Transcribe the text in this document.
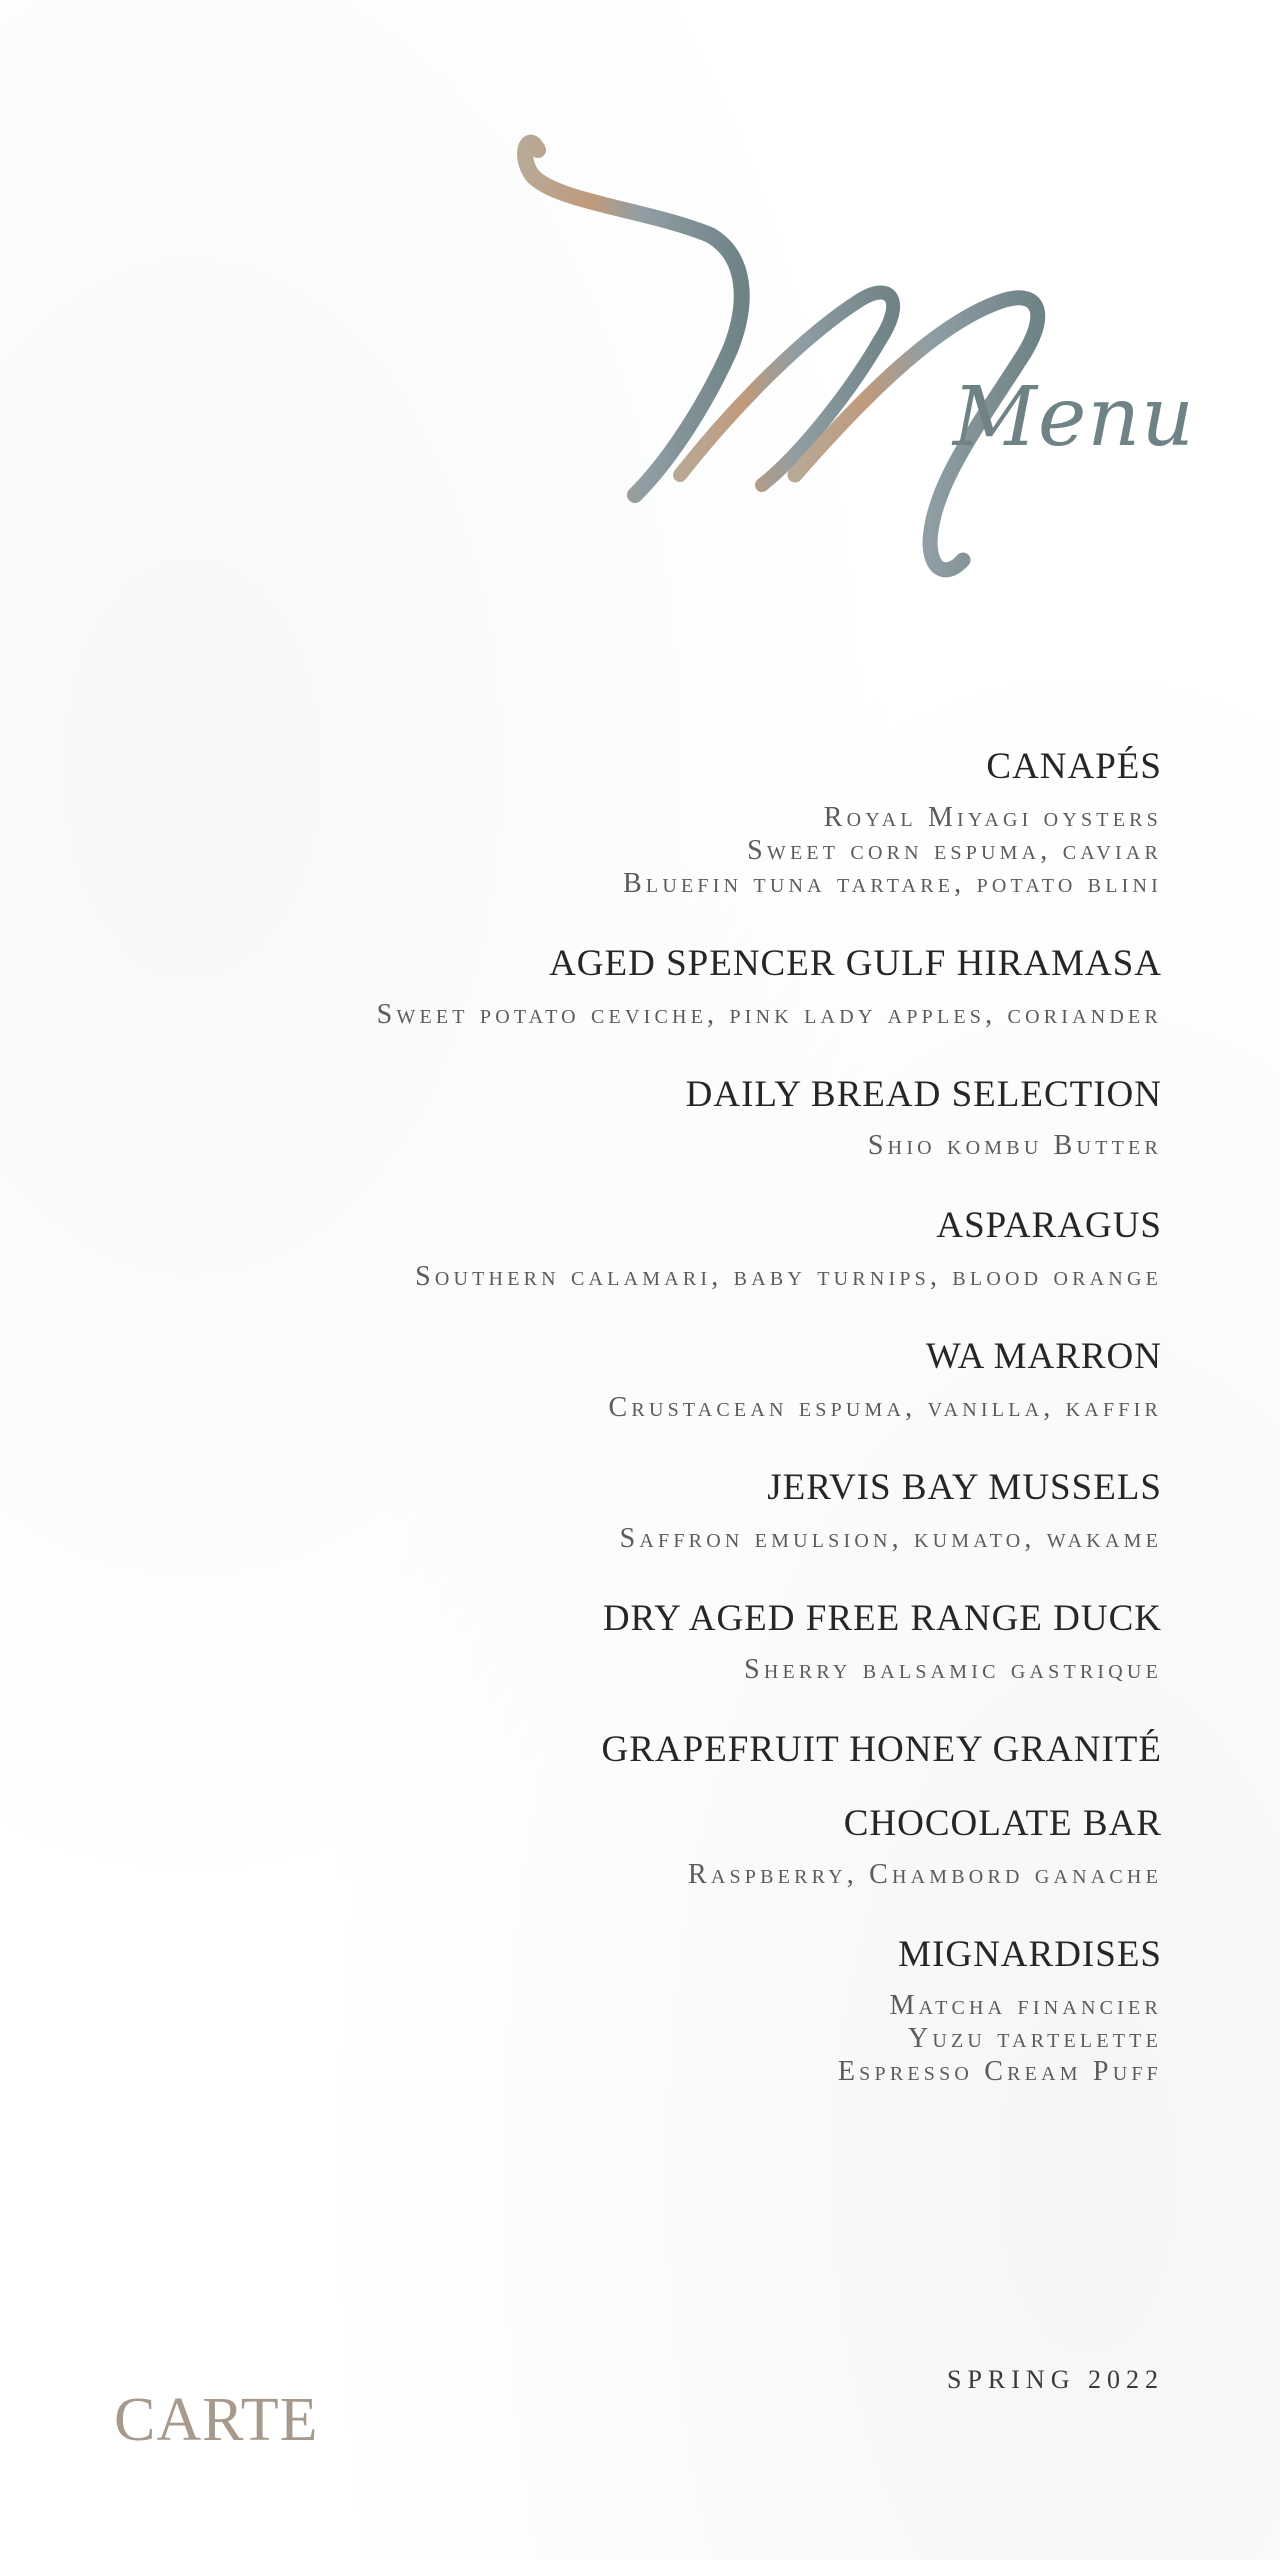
Menu
CANAPÉS
Royal Miyagi oysters
Sweet corn espuma, caviar
Bluefin tuna tartare, potato blini
AGED SPENCER GULF HIRAMASA
Sweet potato ceviche, pink lady apples, coriander
DAILY BREAD SELECTION
Shio kombu Butter
ASPARAGUS
Southern calamari, baby turnips, blood orange
WA MARRON
Crustacean espuma, vanilla, kaffir
JERVIS BAY MUSSELS
Saffron emulsion, kumato, wakame
DRY AGED FREE RANGE DUCK
Sherry balsamic gastrique
GRAPEFRUIT HONEY GRANITÉ
CHOCOLATE BAR
Raspberry, Chambord ganache
MIGNARDISES
Matcha financier
Yuzu tartelette
Espresso Cream Puff
SPRING 2022
CARTE
